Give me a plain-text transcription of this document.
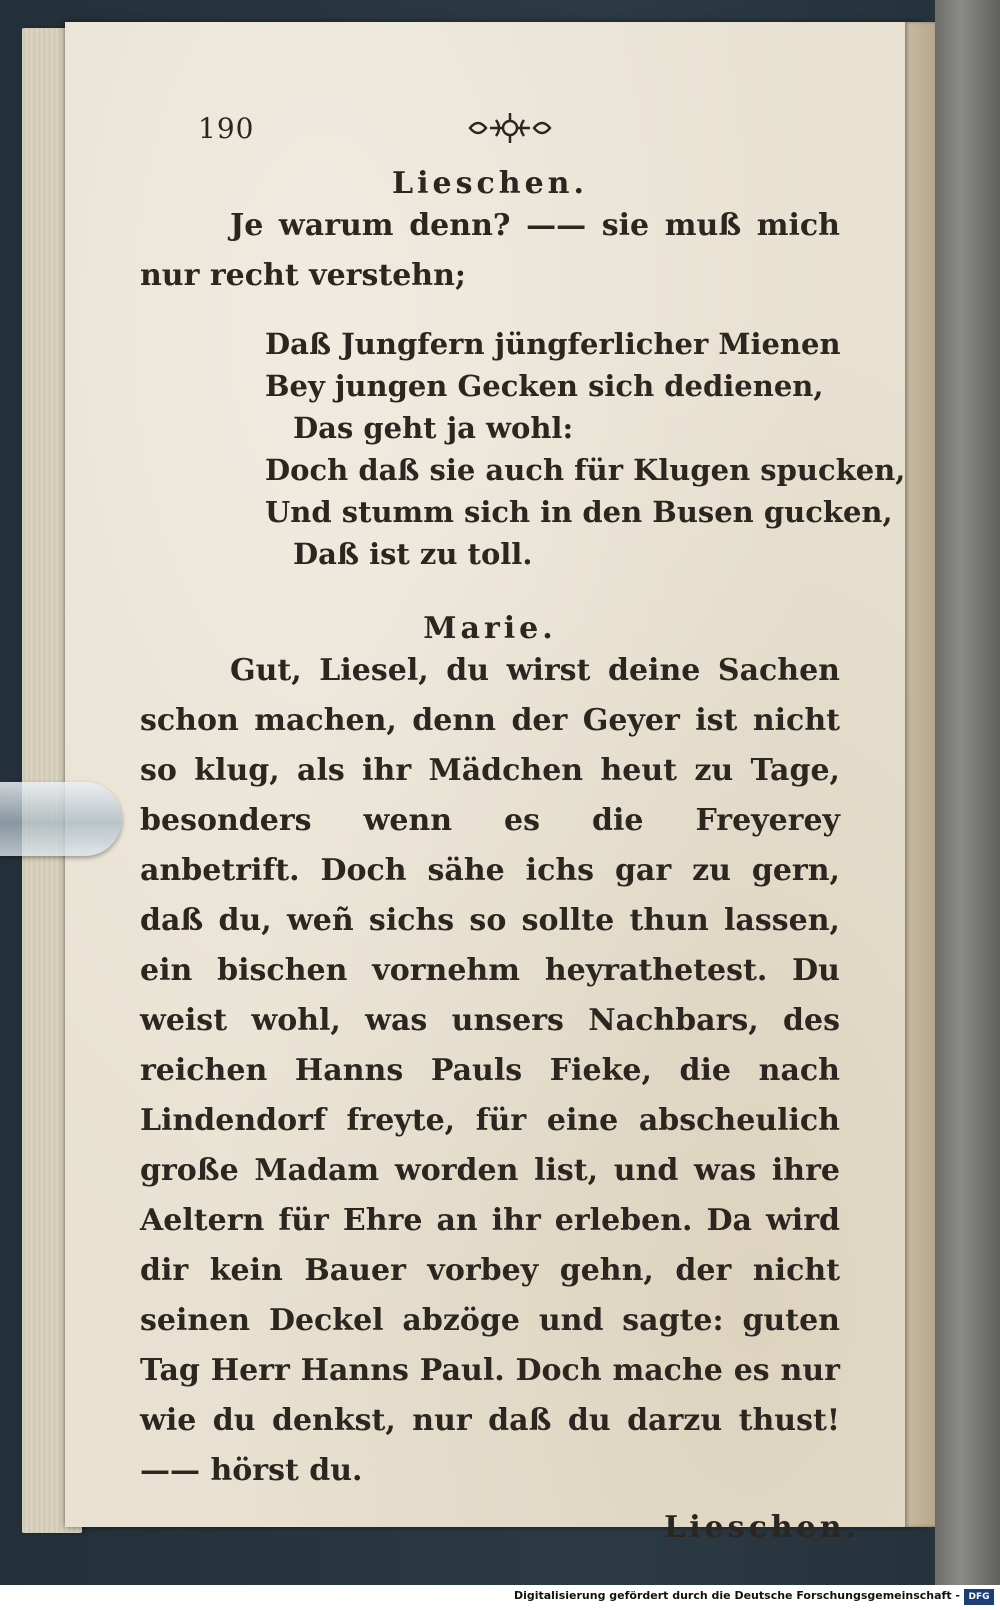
190
Lieschen.
Je warum denn? —— sie muß mich nur recht verstehn;
Daß Jungfern jüngferlicher Mienen
Bey jungen Gecken sich dedienen,
Das geht ja wohl:
Doch daß sie auch für Klugen spucken,
Und stumm sich in den Busen gucken,
Daß ist zu toll.
Marie.
Gut, Liesel, du wirst deine Sachen schon machen, denn der Geyer ist nicht so klug, als ihr Mädchen heut zu Tage, besonders wenn es die Freyerey anbetrift. Doch sähe ichs gar zu gern, daß du, weñ sichs so sollte thun lassen, ein bischen vornehm heyrathetest. Du weist wohl, was unsers Nachbars, des reichen Hanns Pauls Fieke, die nach Lindendorf freyte, für eine abscheulich große Madam worden list, und was ihre Aeltern für Ehre an ihr erleben. Da wird dir kein Bauer vorbey gehn, der nicht seinen Deckel abzöge und sagte: guten Tag Herr Hanns Paul. Doch mache es nur wie du denkst, nur daß du darzu thust! —— hörst du.
Lieschen.
Digitalisierung gefördert durch die Deutsche Forschungsgemeinschaft - DFG
